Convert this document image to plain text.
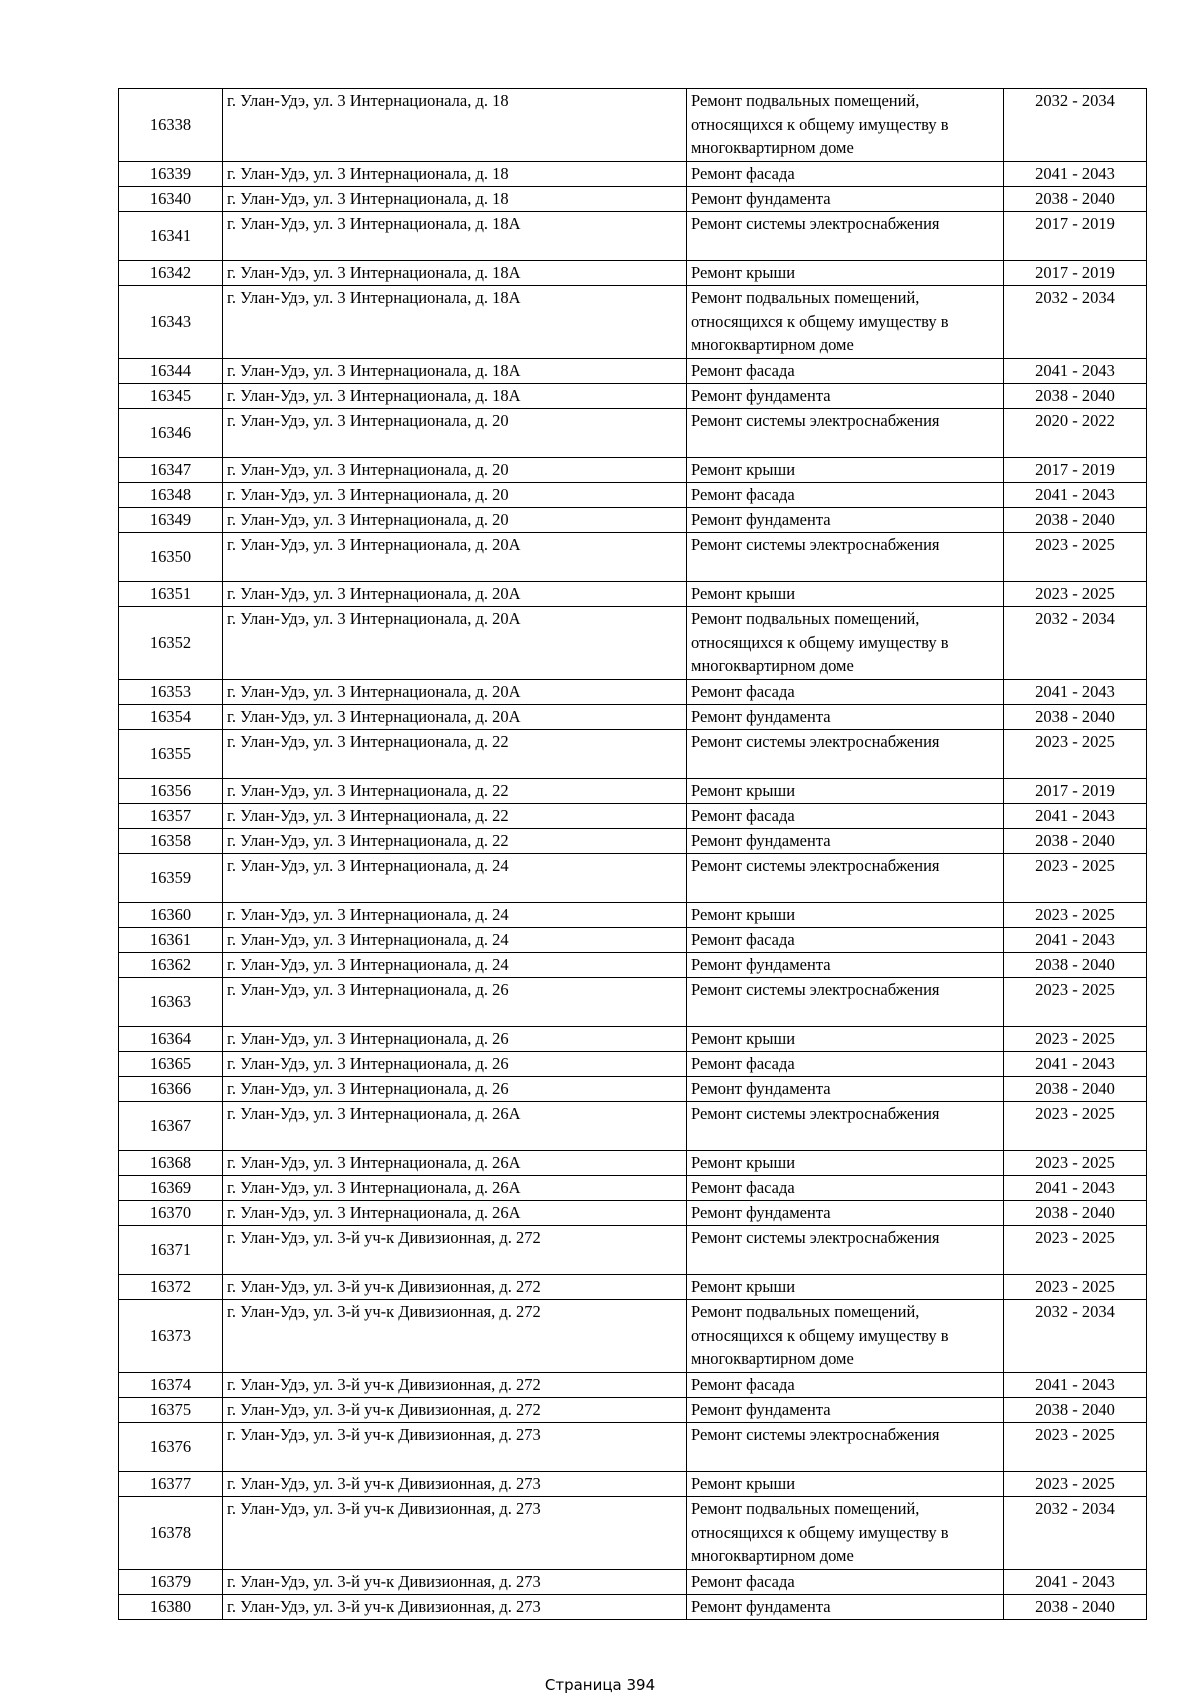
16338	г. Улан-Удэ, ул. 3 Интернационала, д. 18	Ремонт подвальных помещений, относящихся к общему имуществу в многоквартирном доме	2032 - 2034
16339	г. Улан-Удэ, ул. 3 Интернационала, д. 18	Ремонт фасада	2041 - 2043
16340	г. Улан-Удэ, ул. 3 Интернационала, д. 18	Ремонт фундамента	2038 - 2040
16341	г. Улан-Удэ, ул. 3 Интернационала, д. 18А	Ремонт системы электроснабжения	2017 - 2019
16342	г. Улан-Удэ, ул. 3 Интернационала, д. 18А	Ремонт крыши	2017 - 2019
16343	г. Улан-Удэ, ул. 3 Интернационала, д. 18А	Ремонт подвальных помещений, относящихся к общему имуществу в многоквартирном доме	2032 - 2034
16344	г. Улан-Удэ, ул. 3 Интернационала, д. 18А	Ремонт фасада	2041 - 2043
16345	г. Улан-Удэ, ул. 3 Интернационала, д. 18А	Ремонт фундамента	2038 - 2040
16346	г. Улан-Удэ, ул. 3 Интернационала, д. 20	Ремонт системы электроснабжения	2020 - 2022
16347	г. Улан-Удэ, ул. 3 Интернационала, д. 20	Ремонт крыши	2017 - 2019
16348	г. Улан-Удэ, ул. 3 Интернационала, д. 20	Ремонт фасада	2041 - 2043
16349	г. Улан-Удэ, ул. 3 Интернационала, д. 20	Ремонт фундамента	2038 - 2040
16350	г. Улан-Удэ, ул. 3 Интернационала, д. 20А	Ремонт системы электроснабжения	2023 - 2025
16351	г. Улан-Удэ, ул. 3 Интернационала, д. 20А	Ремонт крыши	2023 - 2025
16352	г. Улан-Удэ, ул. 3 Интернационала, д. 20А	Ремонт подвальных помещений, относящихся к общему имуществу в многоквартирном доме	2032 - 2034
16353	г. Улан-Удэ, ул. 3 Интернационала, д. 20А	Ремонт фасада	2041 - 2043
16354	г. Улан-Удэ, ул. 3 Интернационала, д. 20А	Ремонт фундамента	2038 - 2040
16355	г. Улан-Удэ, ул. 3 Интернационала, д. 22	Ремонт системы электроснабжения	2023 - 2025
16356	г. Улан-Удэ, ул. 3 Интернационала, д. 22	Ремонт крыши	2017 - 2019
16357	г. Улан-Удэ, ул. 3 Интернационала, д. 22	Ремонт фасада	2041 - 2043
16358	г. Улан-Удэ, ул. 3 Интернационала, д. 22	Ремонт фундамента	2038 - 2040
16359	г. Улан-Удэ, ул. 3 Интернационала, д. 24	Ремонт системы электроснабжения	2023 - 2025
16360	г. Улан-Удэ, ул. 3 Интернационала, д. 24	Ремонт крыши	2023 - 2025
16361	г. Улан-Удэ, ул. 3 Интернационала, д. 24	Ремонт фасада	2041 - 2043
16362	г. Улан-Удэ, ул. 3 Интернационала, д. 24	Ремонт фундамента	2038 - 2040
16363	г. Улан-Удэ, ул. 3 Интернационала, д. 26	Ремонт системы электроснабжения	2023 - 2025
16364	г. Улан-Удэ, ул. 3 Интернационала, д. 26	Ремонт крыши	2023 - 2025
16365	г. Улан-Удэ, ул. 3 Интернационала, д. 26	Ремонт фасада	2041 - 2043
16366	г. Улан-Удэ, ул. 3 Интернационала, д. 26	Ремонт фундамента	2038 - 2040
16367	г. Улан-Удэ, ул. 3 Интернационала, д. 26А	Ремонт системы электроснабжения	2023 - 2025
16368	г. Улан-Удэ, ул. 3 Интернационала, д. 26А	Ремонт крыши	2023 - 2025
16369	г. Улан-Удэ, ул. 3 Интернационала, д. 26А	Ремонт фасада	2041 - 2043
16370	г. Улан-Удэ, ул. 3 Интернационала, д. 26А	Ремонт фундамента	2038 - 2040
16371	г. Улан-Удэ, ул. 3-й уч-к Дивизионная, д. 272	Ремонт системы электроснабжения	2023 - 2025
16372	г. Улан-Удэ, ул. 3-й уч-к Дивизионная, д. 272	Ремонт крыши	2023 - 2025
16373	г. Улан-Удэ, ул. 3-й уч-к Дивизионная, д. 272	Ремонт подвальных помещений, относящихся к общему имуществу в многоквартирном доме	2032 - 2034
16374	г. Улан-Удэ, ул. 3-й уч-к Дивизионная, д. 272	Ремонт фасада	2041 - 2043
16375	г. Улан-Удэ, ул. 3-й уч-к Дивизионная, д. 272	Ремонт фундамента	2038 - 2040
16376	г. Улан-Удэ, ул. 3-й уч-к Дивизионная, д. 273	Ремонт системы электроснабжения	2023 - 2025
16377	г. Улан-Удэ, ул. 3-й уч-к Дивизионная, д. 273	Ремонт крыши	2023 - 2025
16378	г. Улан-Удэ, ул. 3-й уч-к Дивизионная, д. 273	Ремонт подвальных помещений, относящихся к общему имуществу в многоквартирном доме	2032 - 2034
16379	г. Улан-Удэ, ул. 3-й уч-к Дивизионная, д. 273	Ремонт фасада	2041 - 2043
16380	г. Улан-Удэ, ул. 3-й уч-к Дивизионная, д. 273	Ремонт фундамента	2038 - 2040
Страница 394
